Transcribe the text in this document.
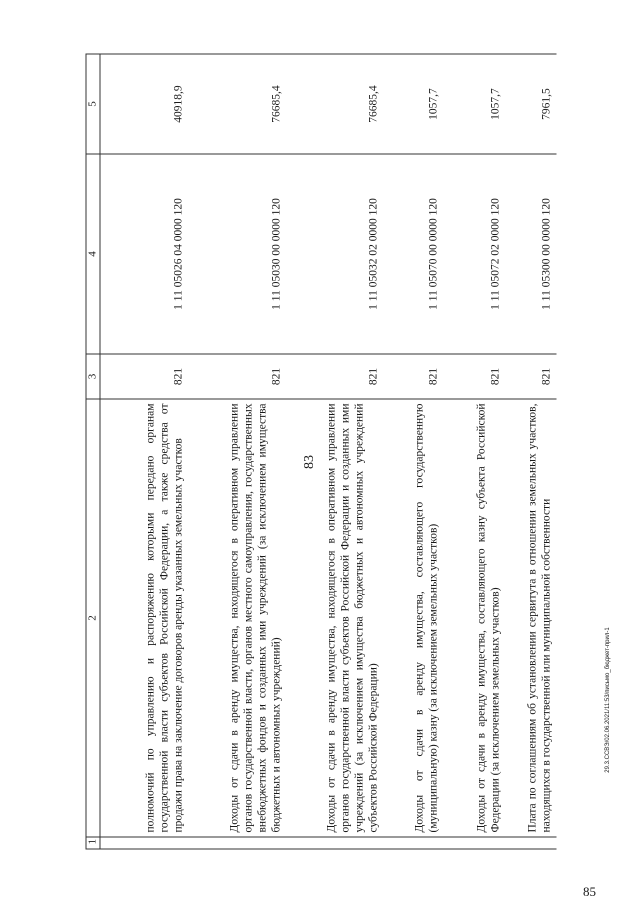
83
1	2	3	4	5
	полномочий по управлению и распоряжению которыми передано органам государственной власти субъектов Российской Федерации, а также средства от продажи права на заключение договоров аренды указанных земельных участков	821	1 11 05026 04 0000 120	40918,9
	Доходы от сдачи в аренду имущества, находящегося в оперативном управлении органов государственной власти, органов местного самоуправления, государственных внебюджетных фондов и созданных ими учреждений (за исключением имущества бюджетных и автономных учреждений)	821	1 11 05030 00 0000 120	76685,4
	Доходы от сдачи в аренду имущества, находящегося в оперативном управлении органов государственной власти субъектов Российской Федерации и созданных ими учреждений (за исключением имущества бюджетных и автономных учреждений субъектов Российской Федерации)	821	1 11 05032 02 0000 120	76685,4
	Доходы от сдачи в аренду имущества, составляющего государственную (муниципальную) казну (за исключением земельных участков)	821	1 11 05070 00 0000 120	1057,7
	Доходы от сдачи в аренду имущества, составляющего казну субъекта Российской Федерации (за исключением земельных участков)	821	1 11 05072 02 0000 120	1057,7
	Плата по соглашениям об установлении сервитута в отношении земельных участков, находящихся в государственной или муниципальной собственности	821	1 11 05300 00 0000 120	7961,5
29.3.ССВЭ/02.06.2021/11:53/письмо_бюджет-прил-1
85
